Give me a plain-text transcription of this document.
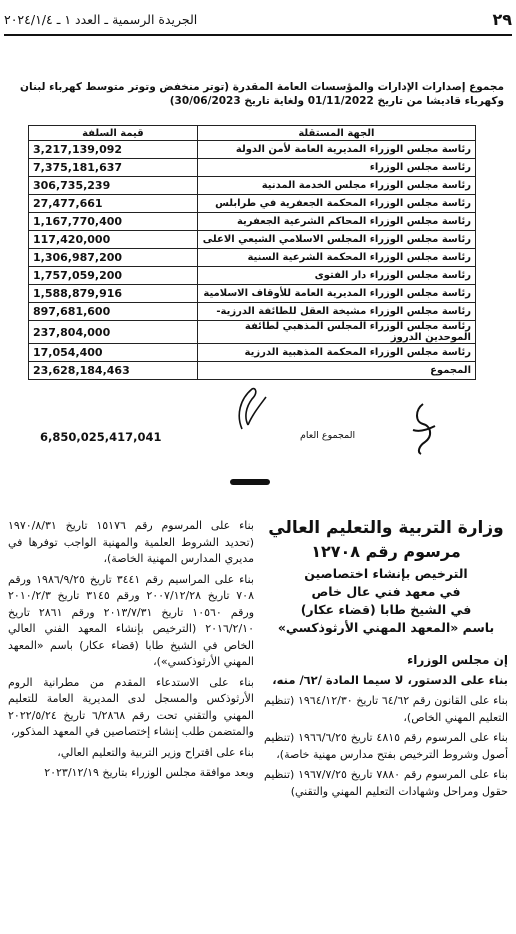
الجريدة الرسمية ـ العدد ١ ـ ٢٠٢٤/١/٤	٢٩
مجموع إصدارات الإدارات والمؤسسات العامة المقدرة (توتر منخفض وتوتر متوسط كهرباء لبنان وكهرباء قاديشا من تاريخ 01/11/2022 ولغاية تاريخ 30/06/2023)
قيمة السلفة	الجهة المستقلة
3,217,139,092	رئاسة مجلس الوزراء المديرية العامة لأمن الدولة
7,375,181,637	رئاسة مجلس الوزراء
306,735,239	رئاسة مجلس الوزراء مجلس الخدمة المدنية
27,477,661	رئاسة مجلس الوزراء المحكمة الجعفرية في طرابلس
1,167,770,400	رئاسة مجلس الوزراء المحاكم الشرعية الجعفرية
117,420,000	رئاسة مجلس الوزراء المجلس الاسلامي الشيعي الاعلى
1,306,987,200	رئاسة مجلس الوزراء المحكمة الشرعية السنية
1,757,059,200	رئاسة مجلس الوزراء دار الفتوى
1,588,879,916	رئاسة مجلس الوزراء المديرية العامة للأوقاف الاسلامية
897,681,600	رئاسة مجلس الوزراء مشيخة العقل للطائفة الدرزية-
237,804,000	رئاسة مجلس الوزراء المجلس المذهبي لطائفة الموحدين الدروز
17,054,400	رئاسة مجلس الوزراء المحكمة المذهبية الدرزية
23,628,184,463	المجموع
المجموع العام
6,850,025,417,041
وزارة التربية والتعليم العالي
مرسوم رقم ١٢٧٠٨
الترخيص بإنشاء اختصاصين
في معهد فني عال خاص
في الشيخ طابا (قضاء عكار)
باسم «المعهد المهني الأرثوذكسي»
إن مجلس الوزراء
بناء على الدستور، لا سيما المادة /٦٢/ منه،

بناء على القانون رقم ٦٤/٦٢ تاريخ ١٩٦٤/١٢/٣٠ (تنظيم التعليم المهني الخاص)،

بناء على المرسوم رقم ٤٨١٥ تاريخ ١٩٦٦/٦/٢٥ (تنظيم أصول وشروط الترخيص بفتح مدارس مهنية خاصة)،

بناء على المرسوم رقم ٧٨٨٠ تاريخ ١٩٦٧/٧/٢٥ (تنظيم حقول ومراحل وشهادات التعليم المهني والتقني)

بناء على المرسوم رقم ١٥١٧٦ تاريخ ١٩٧٠/٨/٣١ (تحديد الشروط العلمية والمهنية الواجب توفرها في مديري المدارس المهنية الخاصة)،

بناء على المراسيم رقم ٣٤٤١ تاريخ ١٩٨٦/٩/٢٥ ورقم ٧٠٨ تاريخ ٢٠٠٧/١٢/٢٨ ورقم ٣١٤٥ تاريخ ٢٠١٠/٢/٣ ورقم ١٠٥٦٠ تاريخ ٢٠١٣/٧/٣١ ورقم ٢٨٦١ تاريخ ٢٠١٦/٢/١٠ (الترخيص بإنشاء المعهد الفني العالي الخاص في الشيخ طابا (قضاء عكار) باسم «المعهد المهني الأرثوذكسي»)،

بناء على الاستدعاء المقدم من مطرانية الروم الأرثوذكس والمسجل لدى المديرية العامة للتعليم المهني والتقني تحت رقم ٦/٢٨٦٨ تاريخ ٢٠٢٢/٥/٢٤ والمتضمن طلب إنشاء إختصاصين في المعهد المذكور،

بناء على اقتراح وزير التربية والتعليم العالي،

وبعد موافقة مجلس الوزراء بتاريخ ٢٠٢٣/١٢/١٩
